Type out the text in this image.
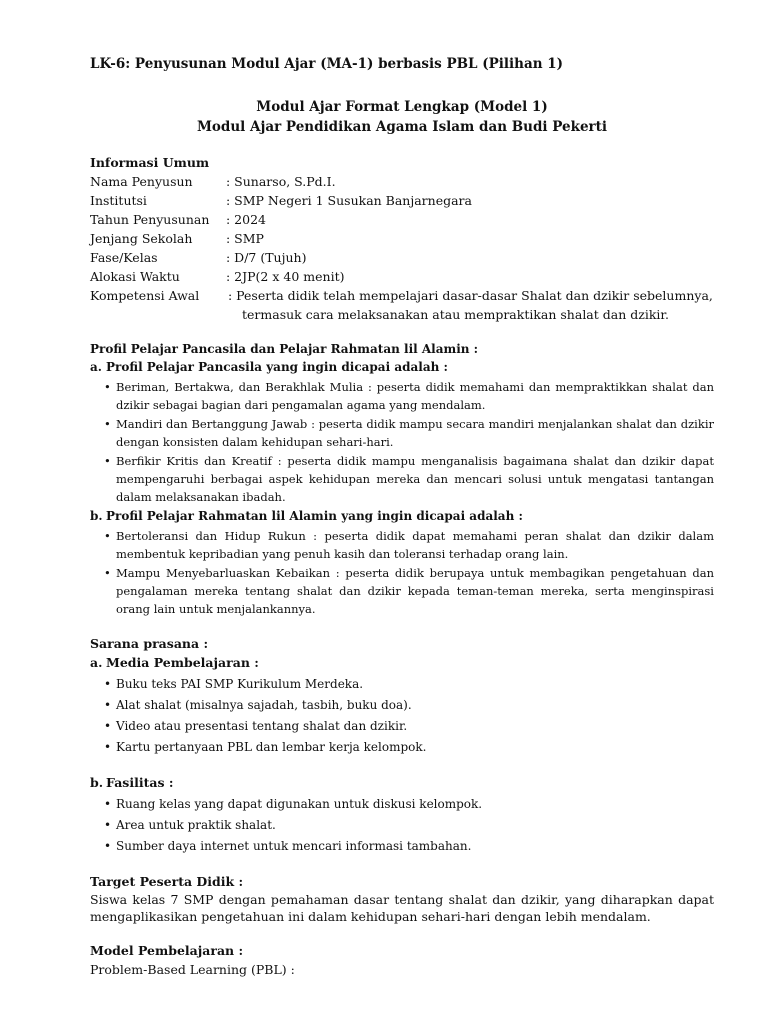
LK-6: Penyusunan Modul Ajar (MA-1) berbasis PBL (Pilihan 1)

Modul Ajar Format Lengkap (Model 1)
Modul Ajar Pendidikan Agama Islam dan Budi Pekerti

Informasi Umum

Nama Penyusun	: Sunarso, S.Pd.I.
Institutsi	: SMP Negeri 1 Susukan Banjarnegara
Tahun Penyusunan	: 2024
Jenjang Sekolah	: SMP
Fase/Kelas	: D/7 (Tujuh)
Alokasi Waktu	: 2JP(2 x 40 menit)
Kompetensi Awal	: Peserta didik telah mempelajari dasar-dasar Shalat dan dzikir sebelumnya,
termasuk cara melaksanakan atau mempraktikan shalat dan dzikir.

Profil Pelajar Pancasila dan Pelajar Rahmatan lil Alamin :

a. Profil Pelajar Pancasila yang ingin dicapai adalah :

• Beriman, Bertakwa, dan Berakhlak Mulia : peserta didik memahami dan mempraktikkan shalat dan dzikir sebagai bagian dari pengamalan agama yang mendalam.
• Mandiri dan Bertanggung Jawab : peserta didik mampu secara mandiri menjalankan shalat dan dzikir dengan konsisten dalam kehidupan sehari-hari.
• Berfikir Kritis dan Kreatif : peserta didik mampu menganalisis bagaimana shalat dan dzikir dapat mempengaruhi berbagai aspek kehidupan mereka dan mencari solusi untuk mengatasi tantangan dalam melaksanakan ibadah.

b. Profil Pelajar Rahmatan lil Alamin yang ingin dicapai adalah :

• Bertoleransi dan Hidup Rukun : peserta didik dapat memahami peran shalat dan dzikir dalam membentuk kepribadian yang penuh kasih dan toleransi terhadap orang lain.
• Mampu Menyebarluaskan Kebaikan : peserta didik berupaya untuk membagikan pengetahuan dan pengalaman mereka tentang shalat dan dzikir kepada teman-teman mereka, serta menginspirasi orang lain untuk menjalankannya.

Sarana prasana :

a. Media Pembelajaran :

• Buku teks PAI SMP Kurikulum Merdeka.
• Alat shalat (misalnya sajadah, tasbih, buku doa).
• Video atau presentasi tentang shalat dan dzikir.
• Kartu pertanyaan PBL dan lembar kerja kelompok.

b. Fasilitas :

• Ruang kelas yang dapat digunakan untuk diskusi kelompok.
• Area untuk praktik shalat.
• Sumber daya internet untuk mencari informasi tambahan.

Target Peserta Didik :

Siswa kelas 7 SMP dengan pemahaman dasar tentang shalat dan dzikir, yang diharapkan dapat mengaplikasikan pengetahuan ini dalam kehidupan sehari-hari dengan lebih mendalam.

Model Pembelajaran :

Problem-Based Learning (PBL) :
